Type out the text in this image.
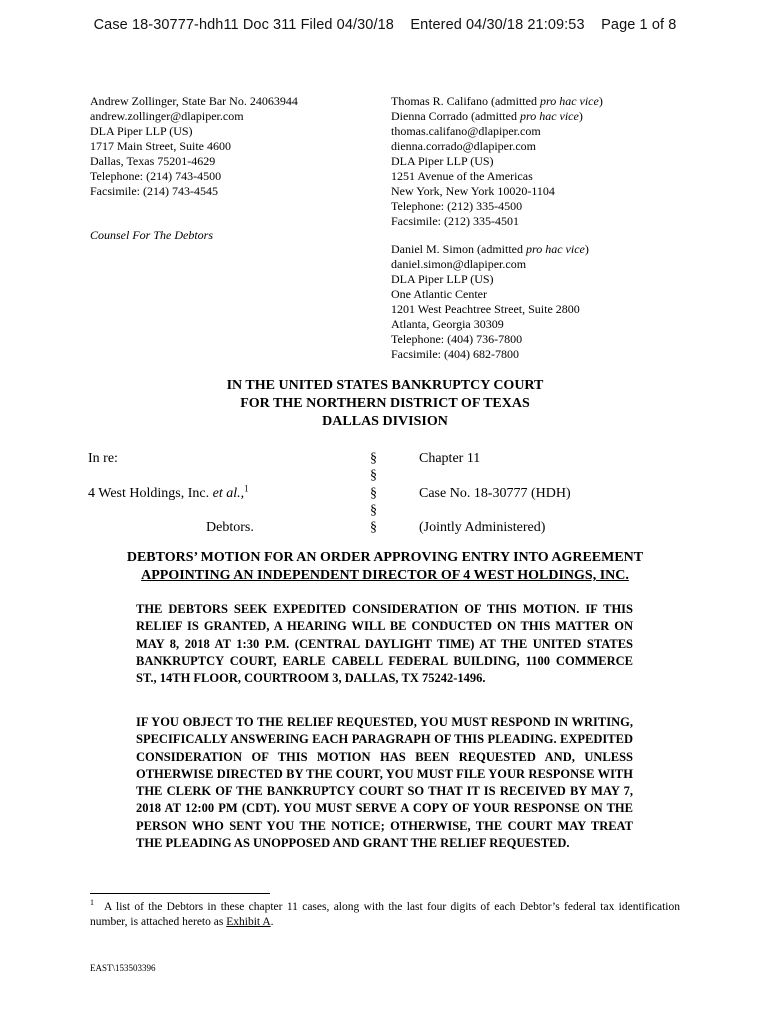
Case 18-30777-hdh11 Doc 311 Filed 04/30/18    Entered 04/30/18 21:09:53    Page 1 of 8
Andrew Zollinger, State Bar No. 24063944
andrew.zollinger@dlapiper.com
DLA Piper LLP (US)
1717 Main Street, Suite 4600
Dallas, Texas 75201-4629
Telephone: (214) 743-4500
Facsimile: (214) 743-4545
Counsel For The Debtors
Thomas R. Califano (admitted pro hac vice)
Dienna Corrado (admitted pro hac vice)
thomas.califano@dlapiper.com
dienna.corrado@dlapiper.com
DLA Piper LLP (US)
1251 Avenue of the Americas
New York, New York 10020-1104
Telephone: (212) 335-4500
Facsimile: (212) 335-4501
Daniel M. Simon (admitted pro hac vice)
daniel.simon@dlapiper.com
DLA Piper LLP (US)
One Atlantic Center
1201 West Peachtree Street, Suite 2800
Atlanta, Georgia 30309
Telephone: (404) 736-7800
Facsimile: (404) 682-7800
IN THE UNITED STATES BANKRUPTCY COURT
FOR THE NORTHERN DISTRICT OF TEXAS
DALLAS DIVISION
In re:
4 West Holdings, Inc. et al.,$^1$
Debtors.
§
§
§
§
§
Chapter 11
Case No. 18-30777 (HDH)
(Jointly Administered)
DEBTORS’ MOTION FOR AN ORDER APPROVING ENTRY INTO AGREEMENT
APPOINTING AN INDEPENDENT DIRECTOR OF 4 WEST HOLDINGS, INC.
THE DEBTORS SEEK EXPEDITED CONSIDERATION OF THIS MOTION. IF THIS RELIEF IS GRANTED, A HEARING WILL BE CONDUCTED ON THIS MATTER ON MAY 8, 2018 AT 1:30 P.M. (CENTRAL DAYLIGHT TIME) AT THE UNITED STATES BANKRUPTCY COURT, EARLE CABELL FEDERAL BUILDING, 1100 COMMERCE ST., 14TH FLOOR, COURTROOM 3, DALLAS, TX 75242-1496.
IF YOU OBJECT TO THE RELIEF REQUESTED, YOU MUST RESPOND IN WRITING, SPECIFICALLY ANSWERING EACH PARAGRAPH OF THIS PLEADING. EXPEDITED CONSIDERATION OF THIS MOTION HAS BEEN REQUESTED AND, UNLESS OTHERWISE DIRECTED BY THE COURT, YOU MUST FILE YOUR RESPONSE WITH THE CLERK OF THE BANKRUPTCY COURT SO THAT IT IS RECEIVED BY MAY 7, 2018 AT 12:00 PM (CDT). YOU MUST SERVE A COPY OF YOUR RESPONSE ON THE PERSON WHO SENT YOU THE NOTICE; OTHERWISE, THE COURT MAY TREAT THE PLEADING AS UNOPPOSED AND GRANT THE RELIEF REQUESTED.
$^1$ A list of the Debtors in these chapter 11 cases, along with the last four digits of each Debtor’s federal tax identification number, is attached hereto as Exhibit A.
EAST\153503396
